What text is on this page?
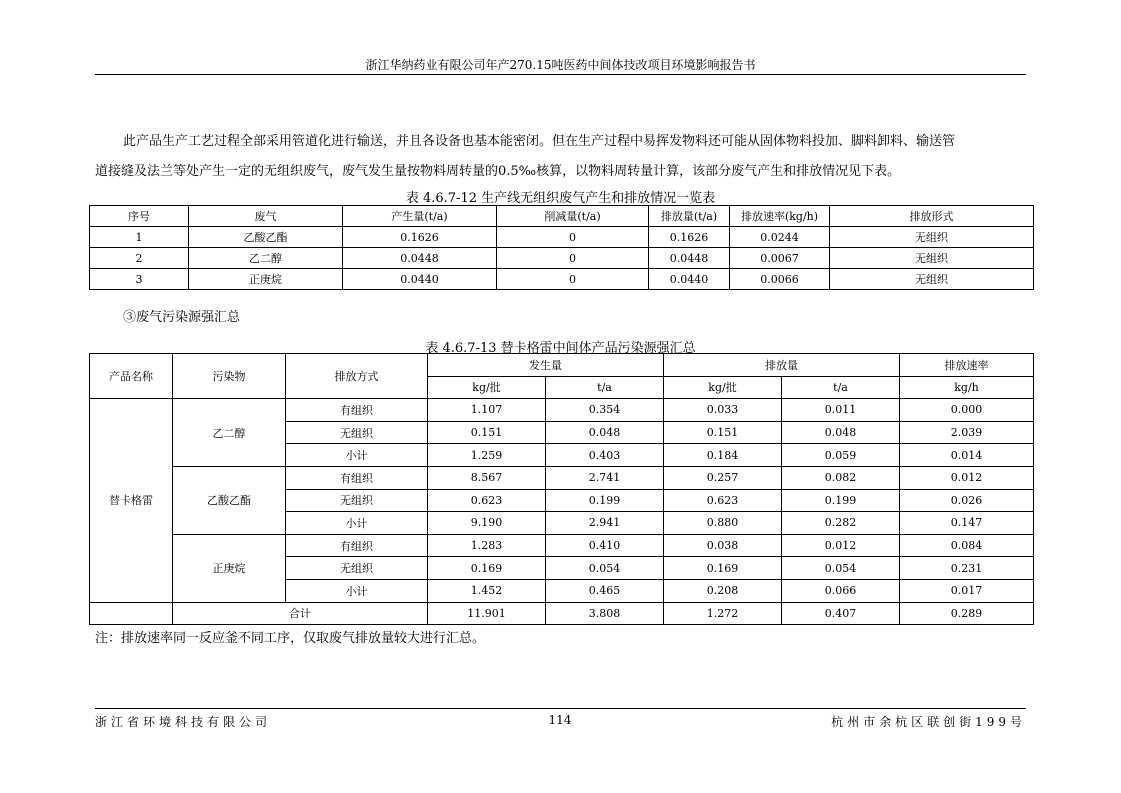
浙江华纳药业有限公司年产270.15吨医药中间体技改项目环境影响报告书
此产品生产工艺过程全部采用管道化进行输送，并且各设备也基本能密闭。但在生产过程中易挥发物料还可能从固体物料投加、脚料卸料、输送管
道接缝及法兰等处产生一定的无组织废气，废气发生量按物料周转量的0.5‰核算，以物料周转量计算，该部分废气产生和排放情况见下表。
表 4.6.7-12 生产线无组织废气产生和排放情况一览表
序号	废气	产生量(t/a)	削减量(t/a)	排放量(t/a)	排放速率(kg/h)	排放形式
1	乙酸乙酯	0.1626	0	0.1626	0.0244	无组织
2	乙二醇	0.0448	0	0.0448	0.0067	无组织
3	正庚烷	0.0440	0	0.0440	0.0066	无组织
③废气污染源强汇总
表 4.6.7-13 替卡格雷中间体产品污染源强汇总
产品名称	污染物	排放方式	发生量		排放量		排放速率
			kg/批	t/a	kg/批	t/a	kg/h
替卡格雷	乙二醇	有组织	1.107	0.354	0.033	0.011	0.000
		无组织	0.151	0.048	0.151	0.048	2.039
		小计	1.259	0.403	0.184	0.059	0.014
	乙酸乙酯	有组织	8.567	2.741	0.257	0.082	0.012
		无组织	0.623	0.199	0.623	0.199	0.026
		小计	9.190	2.941	0.880	0.282	0.147
	正庚烷	有组织	1.283	0.410	0.038	0.012	0.084
		无组织	0.169	0.054	0.169	0.054	0.231
		小计	1.452	0.465	0.208	0.066	0.017
	合计		11.901	3.808	1.272	0.407	0.289
注：排放速率同一反应釜不同工序，仅取废气排放量较大进行汇总。
浙江省环境科技有限公司	114	杭州市余杭区联创街199号
